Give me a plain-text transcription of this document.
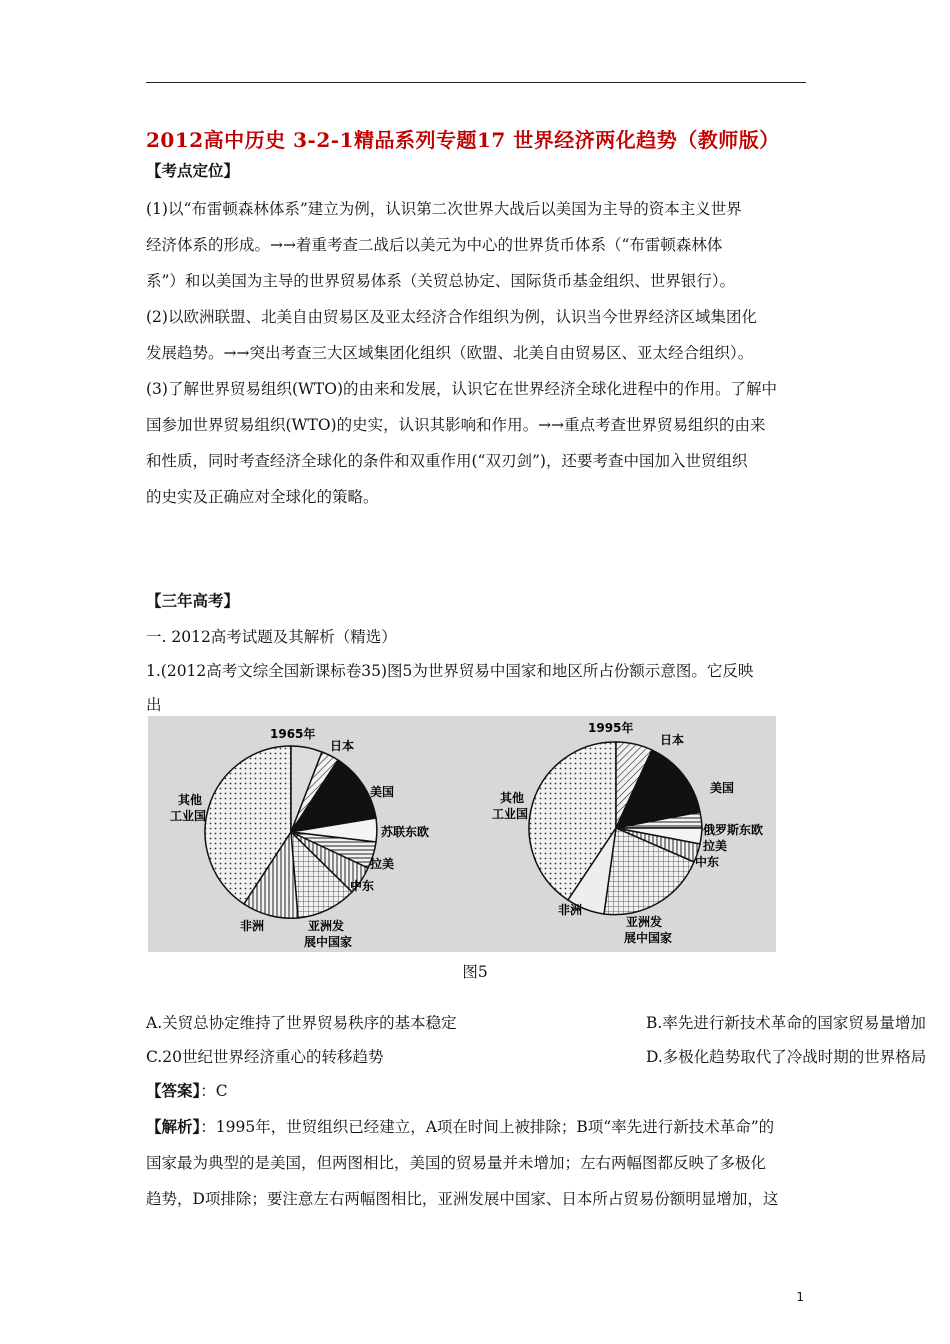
2012高中历史 3-2-1精品系列专题17 世界经济两化趋势（教师版）
【考点定位】
(1)以“布雷顿森林体系”建立为例，认识第二次世界大战后以美国为主导的资本主义世界
经济体系的形成。→→着重考查二战后以美元为中心的世界货币体系（“布雷顿森林体
系”）和以美国为主导的世界贸易体系（关贸总协定、国际货币基金组织、世界银行）。
(2)以欧洲联盟、北美自由贸易区及亚太经济合作组织为例，认识当今世界经济区域集团化
发展趋势。→→突出考查三大区域集团化组织（欧盟、北美自由贸易区、亚太经合组织）。
(3)了解世界贸易组织(WTO)的由来和发展，认识它在世界经济全球化进程中的作用。了解中
国参加世界贸易组织(WTO)的史实，认识其影响和作用。→→重点考查世界贸易组织的由来
和性质，同时考查经济全球化的条件和双重作用(“双刃剑”)，还要考查中国加入世贸组织
的史实及正确应对全球化的策略。
【三年高考】
一. 2012高考试题及其解析（精选）
1.(2012高考文综全国新课标卷35)图5为世界贸易中国家和地区所占份额示意图。它反映
出
1965年
日本
美国
苏联东欧
拉美
中东
亚洲发
展中国家
非洲
其他
工业国
1995年
日本
美国
俄罗斯东欧
拉美
中东
亚洲发
展中国家
非洲
其他
工业国
图5
A.关贸总协定维持了世界贸易秩序的基本稳定	B.率先进行新技术革命的国家贸易量增加
C.20世纪世界经济重心的转移趋势	D.多极化趋势取代了冷战时期的世界格局
【答案】：C
【解析】：1995年，世贸组织已经建立，A项在时间上被排除；B项“率先进行新技术革命”的
国家最为典型的是美国，但两图相比，美国的贸易量并未增加；左右两幅图都反映了多极化
趋势，D项排除；要注意左右两幅图相比，亚洲发展中国家、日本所占贸易份额明显增加，这
1
